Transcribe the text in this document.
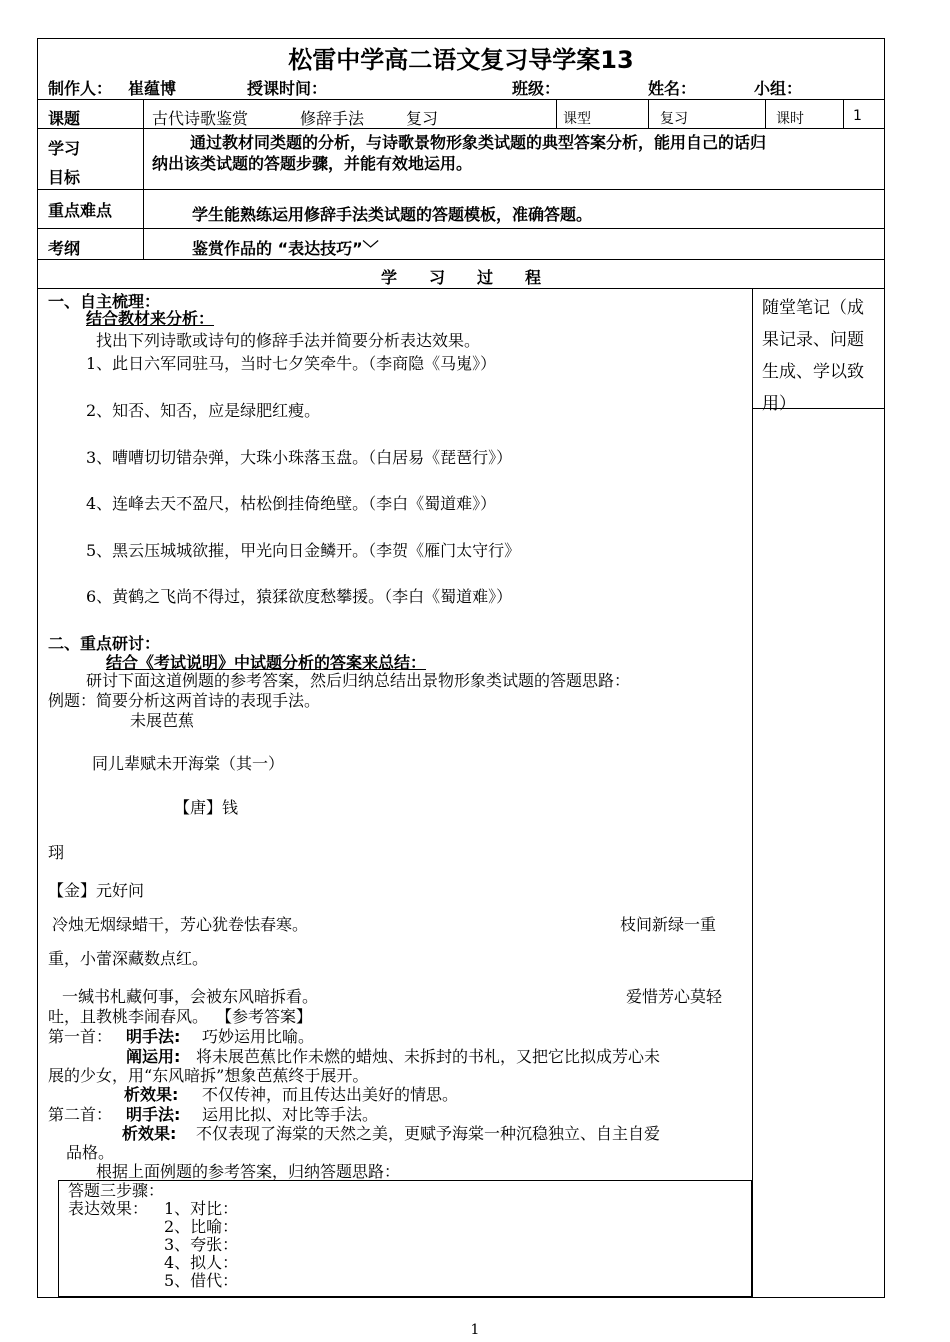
松雷中学高二语文复习导学案13
制作人： 崔蕴博	授课时间：	班级：	姓名：	小组：
课题	古代诗歌鉴赏	修辞手法	复习	课型	复习	课时	1
学习
目标
通过教材同类题的分析，与诗歌景物形象类试题的典型答案分析，能用自己的话归
纳出该类试题的答题步骤，并能有效地运用。
重点难点	学生能熟练运用修辞手法类试题的答题模板，准确答题。
考纲	鉴赏作品的 “表达技巧”﹀
学　　习　　过　　程
随堂笔记（成
果记录、问题
生成、学以致
用）
一、自主梳理：
结合教材来分析：
找出下列诗歌或诗句的修辞手法并简要分析表达效果。
1、此日六军同驻马，当时七夕笑牵牛。（李商隐《马嵬》）
2、知否、知否，应是绿肥红瘦。
3、嘈嘈切切错杂弹，大珠小珠落玉盘。（白居易《琵琶行》）
4、连峰去天不盈尺，枯松倒挂倚绝壁。（李白《蜀道难》）
5、黑云压城城欲摧，甲光向日金鳞开。（李贺《雁门太守行》
6、黄鹤之飞尚不得过，猿猱欲度愁攀援。（李白《蜀道难》）
二、重点研讨：
结合《考试说明》中试题分析的答案来总结：
研讨下面这道例题的参考答案，然后归纳总结出景物形象类试题的答题思路：
例题：简要分析这两首诗的表现手法。
未展芭蕉
同儿辈赋未开海棠（其一）
【唐】钱
珝
【金】元好问
冷烛无烟绿蜡干，芳心犹卷怯春寒。	枝间新绿一重
重，小蕾深藏数点红。
一缄书札藏何事，会被东风暗拆看。	爱惜芳心莫轻
吐，且教桃李闹春风。 【参考答案】
第一首： 明手法: 巧妙运用比喻。
阐运用: 将未展芭蕉比作未燃的蜡烛、未拆封的书札，又把它比拟成芳心未
展的少女，用“东风暗拆”想象芭蕉终于展开。
析效果: 不仅传神，而且传达出美好的情思。
第二首： 明手法: 运用比拟、对比等手法。
析效果: 不仅表现了海棠的天然之美，更赋予海棠一种沉稳独立、自主自爱
品格。
根据上面例题的参考答案，归纳答题思路：
答题三步骤：
表达效果： 1、对比：
2、比喻：
3、夸张：
4、拟人：
5、借代：
1
